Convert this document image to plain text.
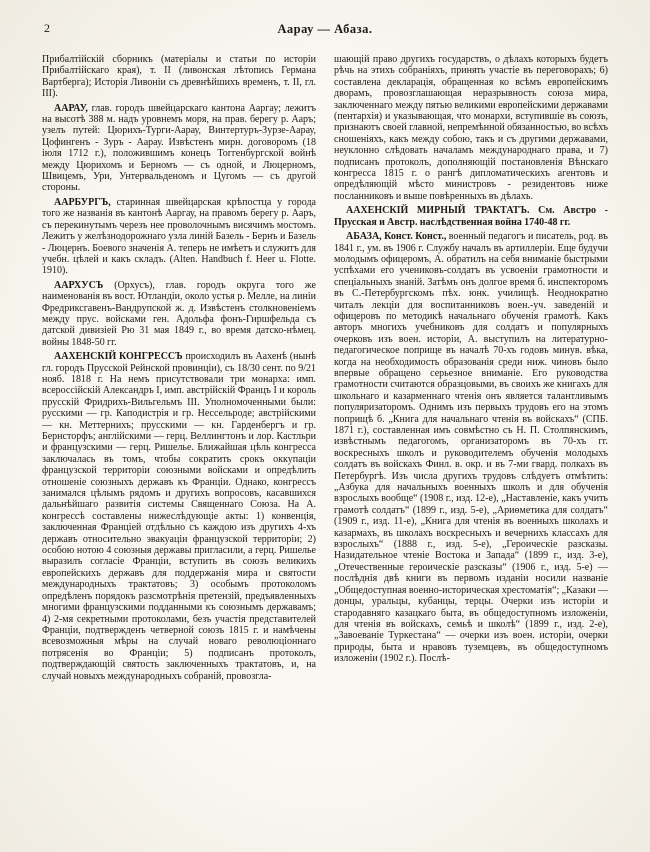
2	Аарау — Абаза.

Прибалтійскій сборникъ (матеріалы и статьи по исторіи Прибалтійскаго края), т. II (ливонская лѣтопись Германа Вартберга); Исторія Ливоніи съ древнѣйшихъ временъ, т. II, гл. III).

ААРАУ, глав. городъ швейцарскаго кантона Ааргау; лежитъ на высотѣ 388 м. надъ уровнемъ моря, на прав. берегу р. Ааръ; узелъ путей: Цюрихъ-Турги-Аарау, Винтертуръ-Зурзе-Аарау, Цофингенъ - Зуръ - Аарау. Извѣстенъ мирн. договоромъ (18 іюля 1712 г.), положившимъ конецъ Тоггенбургской войнѣ между Цюрихомъ и Берномъ — съ одной, и Люцерномъ, Швицемъ, Ури, Унтервальденомъ и Цугомъ — съ другой стороны.

ААРБУРГЪ, старинная швейцарская крѣпостца у города того же названія въ кантонѣ Ааргау, на правомъ берегу р. Ааръ, съ перекинутымъ черезъ нее проволочнымъ висячимъ мостомъ. Лежитъ у желѣзнодорожнаго узла линій Базель - Бернъ и Базель - Люцернъ. Боевого значенія А. теперь не имѣетъ и служитъ для учебн. цѣлей и какъ складъ. (Alten. Handbuch f. Heer u. Flotte. 1910).

ААРХУСЪ (Орхусъ), глав. городъ округа того же наименованія въ вост. Ютландіи, около устья р. Мелле, на линіи Фредриксгавенъ-Вандрупской ж. д. Извѣстенъ столкновеніемъ между прус. войсками ген. Адольфа фонъ-Гиршфельда съ датской дивизіей Рю 31 мая 1849 г., во время датско-нѣмец. войны 1848-50 гг.

ААХЕНСКІЙ КОНГРЕССЪ происходилъ въ Аахенѣ (нынѣ гл. городъ Прусской Рейнской провинціи), съ 18/30 сент. по 9/21 нояб. 1818 г. На немъ присутствовали три монарха: имп. всероссійскій Александръ I, имп. австрійскій Францъ I и король прусскій Фридрихъ-Вильгельмъ III. Уполномоченными были: русскими — гр. Каподистрія и гр. Нессельроде; австрійскими — кн. Меттернихъ; прусскими — кн. Гарденбергъ и гр. Бернсторфъ; англійскими — герц. Веллингтонъ и лор. Кастльри и французскими — герц. Ришелье. Ближайшая цѣль конгресса заключалась въ томъ, чтобы сократить срокъ оккупаціи французской территоріи союзными войсками и опредѣлить отношеніе союзныхъ державъ къ Франціи. Однако, конгрессъ занимался цѣлымъ рядомъ и другихъ вопросовъ, касавшихся дальнѣйшаго развитія системы Священнаго Союза. На А. конгрессѣ составлены нижеслѣдующіе акты: 1) конвенція, заключенная Франціей отдѣльно съ каждою изъ другихъ 4-хъ державъ относительно эвакуаціи французской территоріи; 2) особою нотою 4 союзныя державы пригласили, а герц. Ришелье выразилъ согласіе Франціи, вступить въ союзъ великихъ европейскихъ державъ для поддержанія мира и святости международныхъ трактатовъ; 3) особымъ протоколомъ опредѣленъ порядокъ разсмотрѣнія претензій, предъявленныхъ многими французскими подданными къ союзнымъ державамъ; 4) 2-мя секретными протоколами, безъ участія представителей Франціи, подтвержденъ четверной союзъ 1815 г. и намѣчены всевозможныя мѣры на случай новаго революціоннаго потрясенія во Франціи; 5) подписанъ протоколъ, подтверждающій святость заключенныхъ трактатовъ, и, на случай новыхъ международныхъ собраній, провозгла-

шающій право другихъ государствъ, о дѣлахъ которыхъ будетъ рѣчь на этихъ собраніяхъ, принять участіе въ переговорахъ; 6) составлена декларація, обращенная ко всѣмъ европейскимъ дворамъ, провозглашающая неразрывность союза мира, заключеннаго между пятью великими европейскими державами (пентархія) и указывающая, что монархи, вступившіе въ союзъ, признаютъ своей главной, непремѣнной обязанностью, во всѣхъ сношеніяхъ, какъ между собою, такъ и съ другими державами, неуклонно слѣдовать началамъ международнаго права, и 7) подписанъ протоколъ, дополняющій постановленія Вѣнскаго конгресса 1815 г. о рангѣ дипломатическихъ агентовъ и опредѣляющій мѣсто министровъ - резидентовъ ниже посланниковъ и выше повѣренныхъ въ дѣлахъ.

ААХЕНСКІЙ МИРНЫЙ ТРАКТАТЪ. См. Австро - Прусская и Австр. наслѣдственная война 1740-48 гг.

АБАЗА, Конст. Конст., военный педагогъ и писатель, род. въ 1841 г., ум. въ 1906 г. Службу началъ въ артиллеріи. Еще будучи молодымъ офицеромъ, А. обратилъ на себя вниманіе быстрыми успѣхами его учениковъ-солдатъ въ усвоеніи грамотности и спеціальныхъ знаній. Затѣмъ онъ долгое время б. инспекторомъ въ С.-Петербургскомъ пѣх. юнк. училищѣ. Неоднократно читалъ лекціи для воспитанниковъ воен.-уч. заведеній и офицеровъ по методикѣ начальнаго обученія грамотѣ. Какъ авторъ многихъ учебниковъ для солдатъ и популярныхъ очерковъ изъ воен. исторіи, А. выступилъ на литературно-педагогическое поприще въ началѣ 70-хъ годовъ минув. вѣка, когда на необходимость образованія среди ниж. чиновъ было впервые обращено серьезное вниманіе. Его руководства грамотности считаются образцовыми, въ своихъ же книгахъ для школьнаго и казарменнаго чтенія онъ является талантливымъ популяризаторомъ. Однимъ изъ первыхъ трудовъ его на этомъ поприщѣ б. „Книга для начальнаго чтенія въ войскахъ“ (СПБ. 1871 г.), составленная имъ совмѣстно съ Н. П. Столпянскимъ, извѣстнымъ педагогомъ, организаторомъ въ 70-хъ гг. воскресныхъ школъ и руководителемъ обученія молодыхъ солдатъ въ войскахъ Финл. в. окр. и въ 7-ми гвард. полкахъ въ Петербургѣ. Изъ числа другихъ трудовъ слѣдуетъ отмѣтить: „Азбука для начальныхъ военныхъ школъ и для обученія взрослыхъ вообще“ (1908 г., изд. 12-е), „Наставленіе, какъ учить грамотѣ солдатъ“ (1899 г., изд. 5-е), „Ариѳметика для солдатъ“ (1909 г., изд. 11-е), „Книга для чтенія въ военныхъ школахъ и казармахъ, въ школахъ воскресныхъ и вечернихъ классахъ для взрослыхъ“ (1888 г., изд. 5-е), „Героическіе разсказы. Назидательное чтеніе Востока и Запада“ (1899 г., изд. 3-е), „Отечественные героическіе разсказы“ (1906 г., изд. 5-е) — послѣднія двѣ книги въ первомъ изданіи носили названіе „Общедоступная военно-историческая хрестоматія“; „Казаки — донцы, уральцы, кубанцы, терцы. Очерки изъ исторіи и стародавняго казацкаго быта, въ общедоступномъ изложеніи, для чтенія въ войскахъ, семьѣ и школѣ“ (1899 г., изд. 2-е), „Завоеваніе Туркестана“ — очерки изъ воен. исторіи, очерки природы, быта и нравовъ туземцевъ, въ общедоступномъ изложеніи (1902 г.). Послѣ-
